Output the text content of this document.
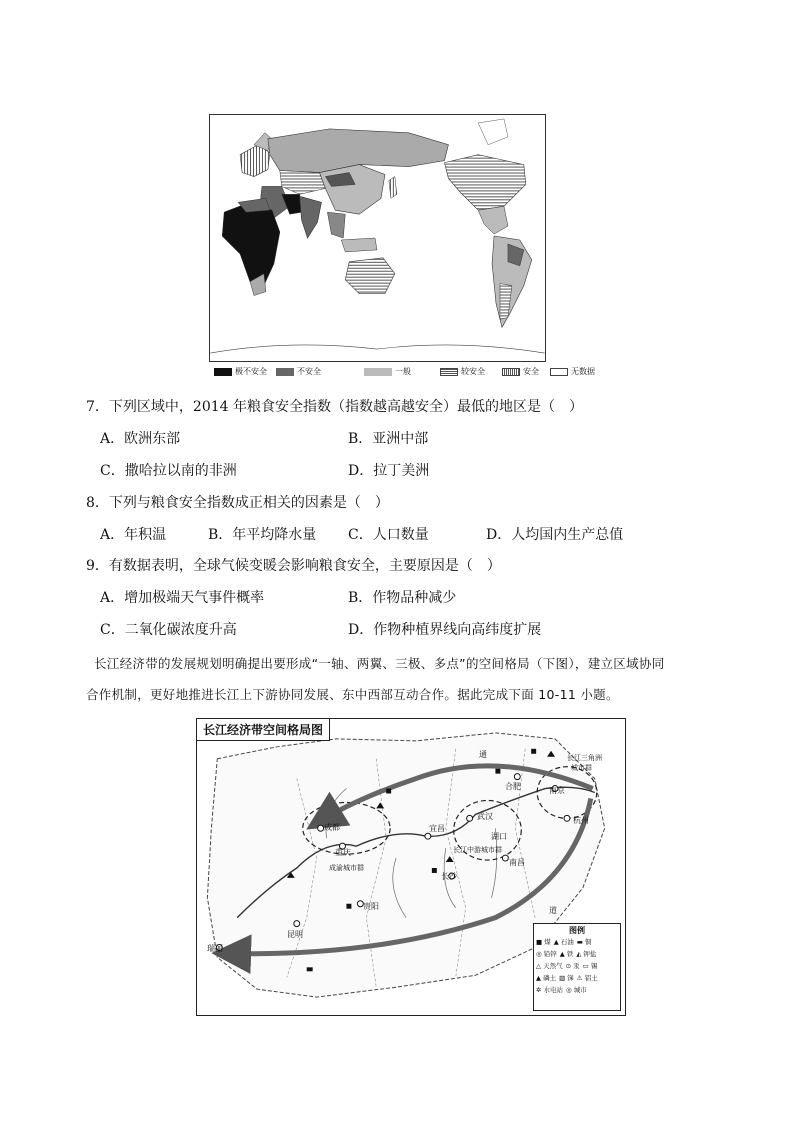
极不安全	不安全	一般	较安全	安全	无数据
7．下列区域中，2014 年粮食安全指数（指数越高越安全）最低的地区是（　）
A．欧洲东部	B．亚洲中部
C．撒哈拉以南的非洲	D．拉丁美洲
8．下列与粮食安全指数成正相关的因素是（　）
A．年积温	B．年平均降水量 C．人口数量	D．人均国内生产总值
9．有数据表明，全球气候变暖会影响粮食安全，主要原因是（　）
A．增加极端天气事件概率	B．作物品种减少
C．二氧化碳浓度升高	D．作物种植界线向高纬度扩展
长江经济带的发展规划明确提出要形成“一轴、两翼、三极、多点”的空间格局（下图），建立区域协同
合作机制，更好地推进长江上下游协同发展、东中西部互动合作。据此完成下面 10-11 小题。
长江经济带空间格局图
成都
重庆
成渝城市群
宜昌
武汉
合肥	南京
杭州
长江三角洲
城市群
长江中游城市群
湖口
长沙
南昌
贵阳
昆明
瑞丽
通
道
图例
■ 煤 ▲ 石油 ▬ 铜
◎ 铅锌 ▲ 铁 ◭ 钾盐
△ 天然气 ⊙ 汞 ▭ 锡
▲ 磷土 ▨ 锑 ⚠ 铝土
✲ 水电站 ◎ 城市
